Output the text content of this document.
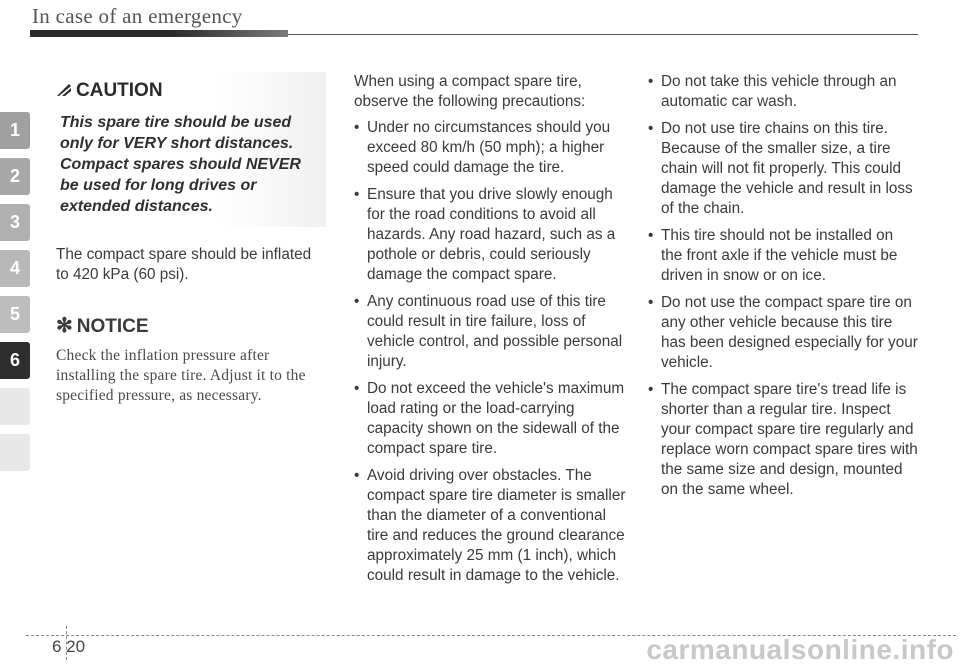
In case of an emergency
1
2
3
4
5
6
CAUTION
This spare tire should be used only for VERY short distances. Compact spares should NEVER be used for long drives or extended distances.
The compact spare should be inflated to 420 kPa (60 psi).
✻ NOTICE
Check the inflation pressure after installing the spare tire. Adjust it to the specified pressure, as necessary.
When using a compact spare tire, observe the following precautions:
• Under no circumstances should you exceed 80 km/h (50 mph); a higher speed could damage the tire.
• Ensure that you drive slowly enough for the road conditions to avoid all hazards. Any road hazard, such as a pothole or debris, could seriously damage the compact spare.
• Any continuous road use of this tire could result in tire failure, loss of vehicle control, and possible personal injury.
• Do not exceed the vehicle's maximum load rating or the load-carrying capacity shown on the sidewall of the compact spare tire.
• Avoid driving over obstacles. The compact spare tire diameter is smaller than the diameter of a conventional tire and reduces the ground clearance approximately 25 mm (1 inch), which could result in damage to the vehicle.
• Do not take this vehicle through an automatic car wash.
• Do not use tire chains on this tire. Because of the smaller size, a tire chain will not fit properly. This could damage the vehicle and result in loss of the chain.
• This tire should not be installed on the front axle if the vehicle must be driven in snow or on ice.
• Do not use the compact spare tire on any other vehicle because this tire has been designed especially for your vehicle.
• The compact spare tire's tread life is shorter than a regular tire. Inspect your compact spare tire regularly and replace worn compact spare tires with the same size and design, mounted on the same wheel.
6 20	carmanualsonline.info
